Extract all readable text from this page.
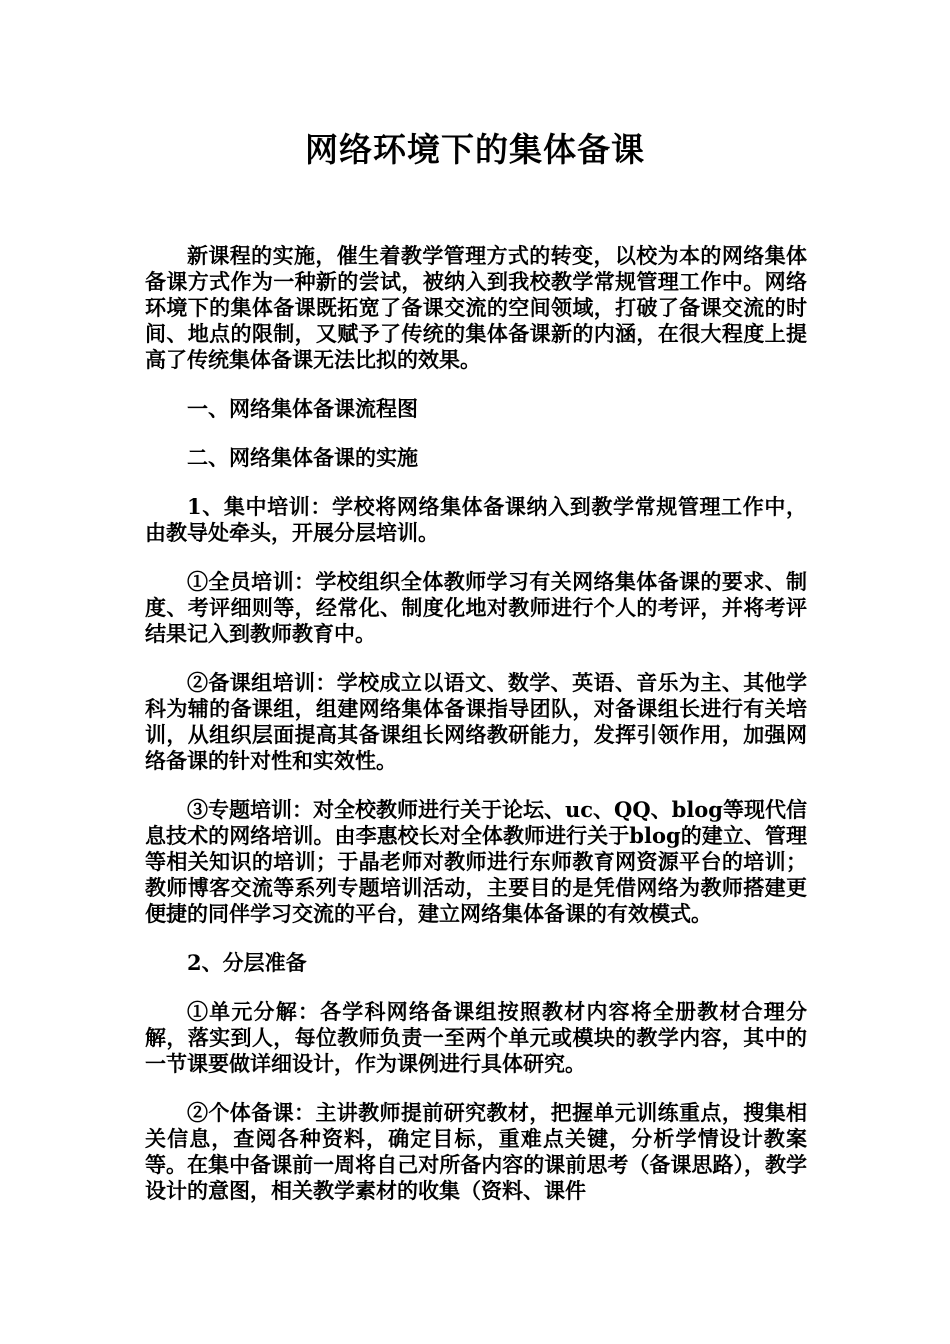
网络环境下的集体备课

新课程的实施，催生着教学管理方式的转变，以校为本的网络集体备课方式作为一种新的尝试，被纳入到我校教学常规管理工作中。网络环境下的集体备课既拓宽了备课交流的空间领域，打破了备课交流的时间、地点的限制，又赋予了传统的集体备课新的内涵，在很大程度上提高了传统集体备课无法比拟的效果。

一、网络集体备课流程图

二、网络集体备课的实施

1、集中培训：学校将网络集体备课纳入到教学常规管理工作中，由教导处牵头，开展分层培训。

①全员培训：学校组织全体教师学习有关网络集体备课的要求、制度、考评细则等，经常化、制度化地对教师进行个人的考评，并将考评结果记入到教师教育中。

②备课组培训：学校成立以语文、数学、英语、音乐为主、其他学科为辅的备课组，组建网络集体备课指导团队，对备课组长进行有关培训，从组织层面提高其备课组长网络教研能力，发挥引领作用，加强网络备课的针对性和实效性。

③专题培训：对全校教师进行关于论坛、uc、QQ、blog等现代信息技术的网络培训。由李惠校长对全体教师进行关于blog的建立、管理等相关知识的培训；于晶老师对教师进行东师教育网资源平台的培训；教师博客交流等系列专题培训活动，主要目的是凭借网络为教师搭建更便捷的同伴学习交流的平台，建立网络集体备课的有效模式。

2、分层准备

①单元分解：各学科网络备课组按照教材内容将全册教材合理分解，落实到人，每位教师负责一至两个单元或模块的教学内容，其中的一节课要做详细设计，作为课例进行具体研究。

②个体备课：主讲教师提前研究教材，把握单元训练重点，搜集相关信息，查阅各种资料，确定目标，重难点关键，分析学情设计教案等。在集中备课前一周将自己对所备内容的课前思考（备课思路），教学设计的意图，相关教学素材的收集（资料、课件
